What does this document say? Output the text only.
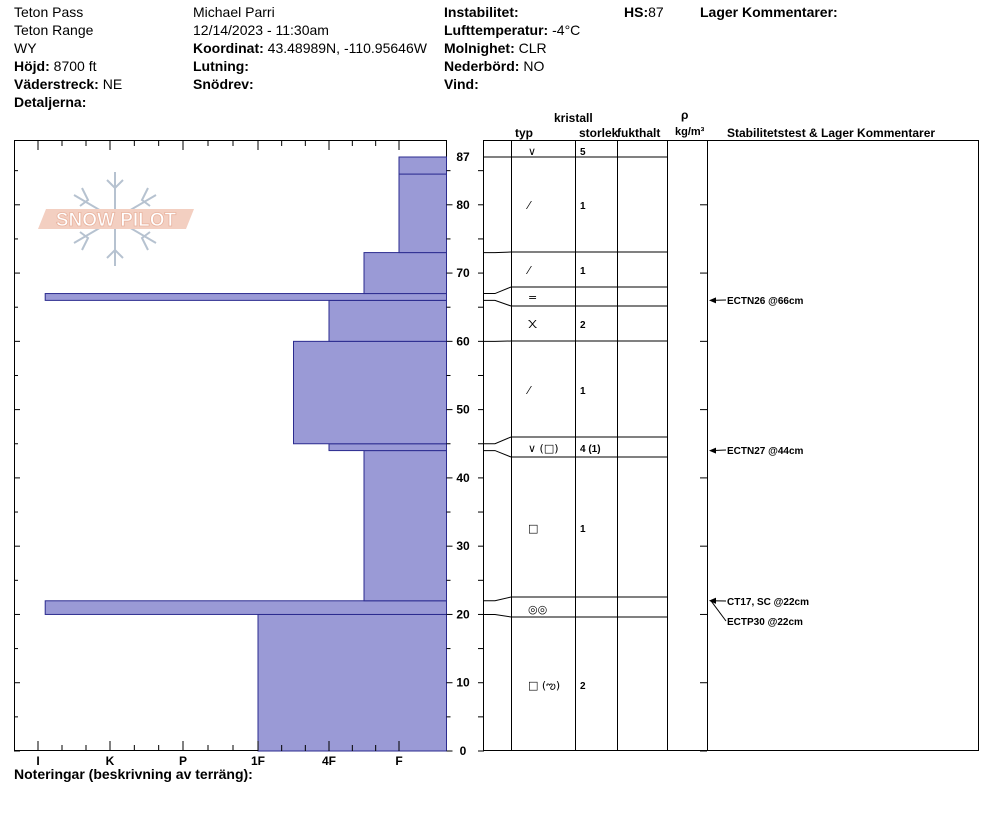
Teton Pass
Teton Range
WY
Höjd: 8700 ft
Väderstreck: NE
Detaljerna:
Michael Parri
12/14/2023 - 11:30am
Koordinat: 43.48989N, -110.95646W
Lutning:
Snödrev:
Instabilitet:
Lufttemperatur: -4°C
Molnighet: CLR
Nederbörd: NO
Vind:
HS:87	Lager Kommentarer:
SNOW PILOT
I	K	P	1F	4F	F
0
10
20
30
40
50
60
70
80
87	∨	5
⁄	1
⁄	1
=
᙭	2
⁄	1
∨ (□) 4 (1)
□	1
◎◎
□ (ఌ) 2
ECTN26 @66cm
ECTN27 @44cm
CT17, SC @22cm
ECTP30 @22cm
kristall
typ	storlek
fukthalt
ρ
kg/m³ Stabilitetstest & Lager Kommentarer
Noteringar (beskrivning av terräng):
